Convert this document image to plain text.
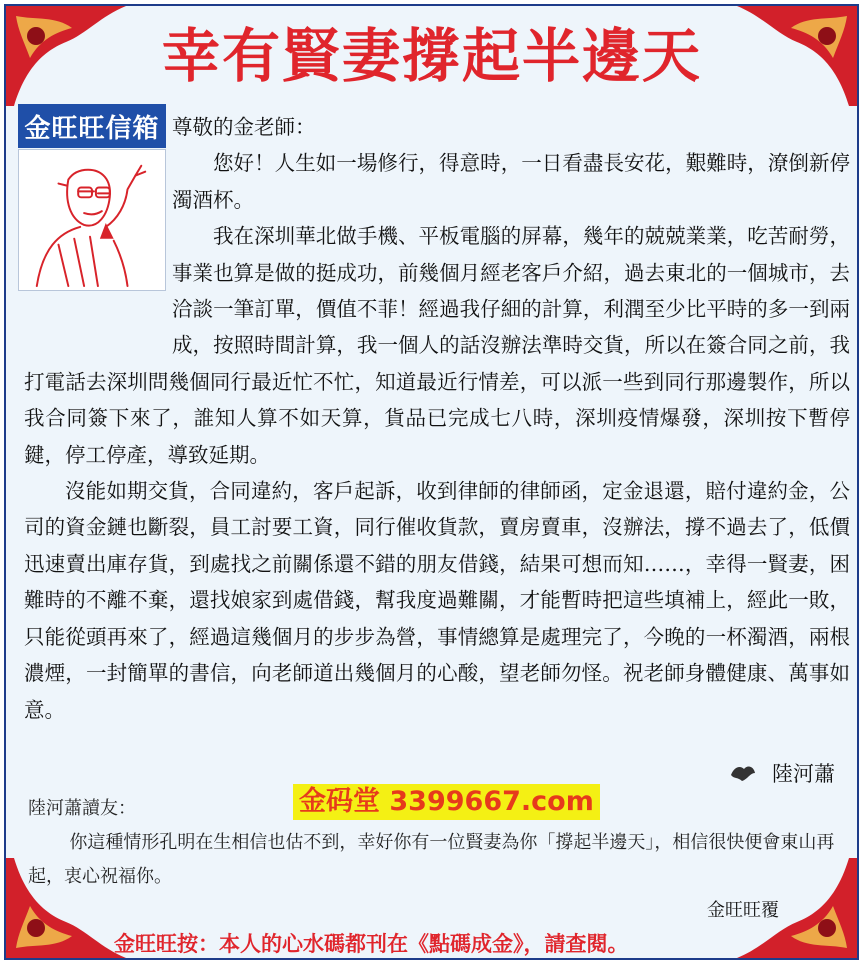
幸有賢妻撐起半邊天
金旺旺信箱 尊敬的金老師：

您好！人生如一場修行，得意時，一日看盡長安花，艱難時，潦倒新停濁酒杯。

我在深圳華北做手機、平板電腦的屏幕，幾年的兢兢業業，吃苦耐勞，事業也算是做的挺成功，前幾個月經老客戶介紹，過去東北的一個城市，去洽談一筆訂單，價值不菲！經過我仔細的計算，利潤至少比平時的多一到兩成，按照時間計算，我一個人的話沒辦法準時交貨，所以在簽合同之前，我打電話去深圳問幾個同行最近忙不忙，知道最近行情差，可以派一些到同行那邊製作，所以我合同簽下來了，誰知人算不如天算，貨品已完成七八時，深圳疫情爆發，深圳按下暫停鍵，停工停產，導致延期。

沒能如期交貨，合同違約，客戶起訴，收到律師的律師函，定金退還，賠付違約金，公司的資金鏈也斷裂，員工討要工資，同行催收貨款，賣房賣車，沒辦法，撐不過去了，低價迅速賣出庫存貨，到處找之前關係還不錯的朋友借錢，結果可想而知……，幸得一賢妻，困難時的不離不棄，還找娘家到處借錢，幫我度過難關，才能暫時把這些填補上，經此一敗，只能從頭再來了，經過這幾個月的步步為營，事情總算是處理完了，今晚的一杯濁酒，兩根濃煙，一封簡單的書信，向老師道出幾個月的心酸，望老師勿怪。祝老師身體健康、萬事如意。

陸河蕭

陸河蕭讀友：

你這種情形孔明在生相信也估不到，幸好你有一位賢妻為你「撐起半邊天」，相信很快便會東山再起，衷心祝福你。

金旺旺覆
金码堂 3399667.com
金旺旺按：本人的心水碼都刊在《點碼成金》，請查閱。
